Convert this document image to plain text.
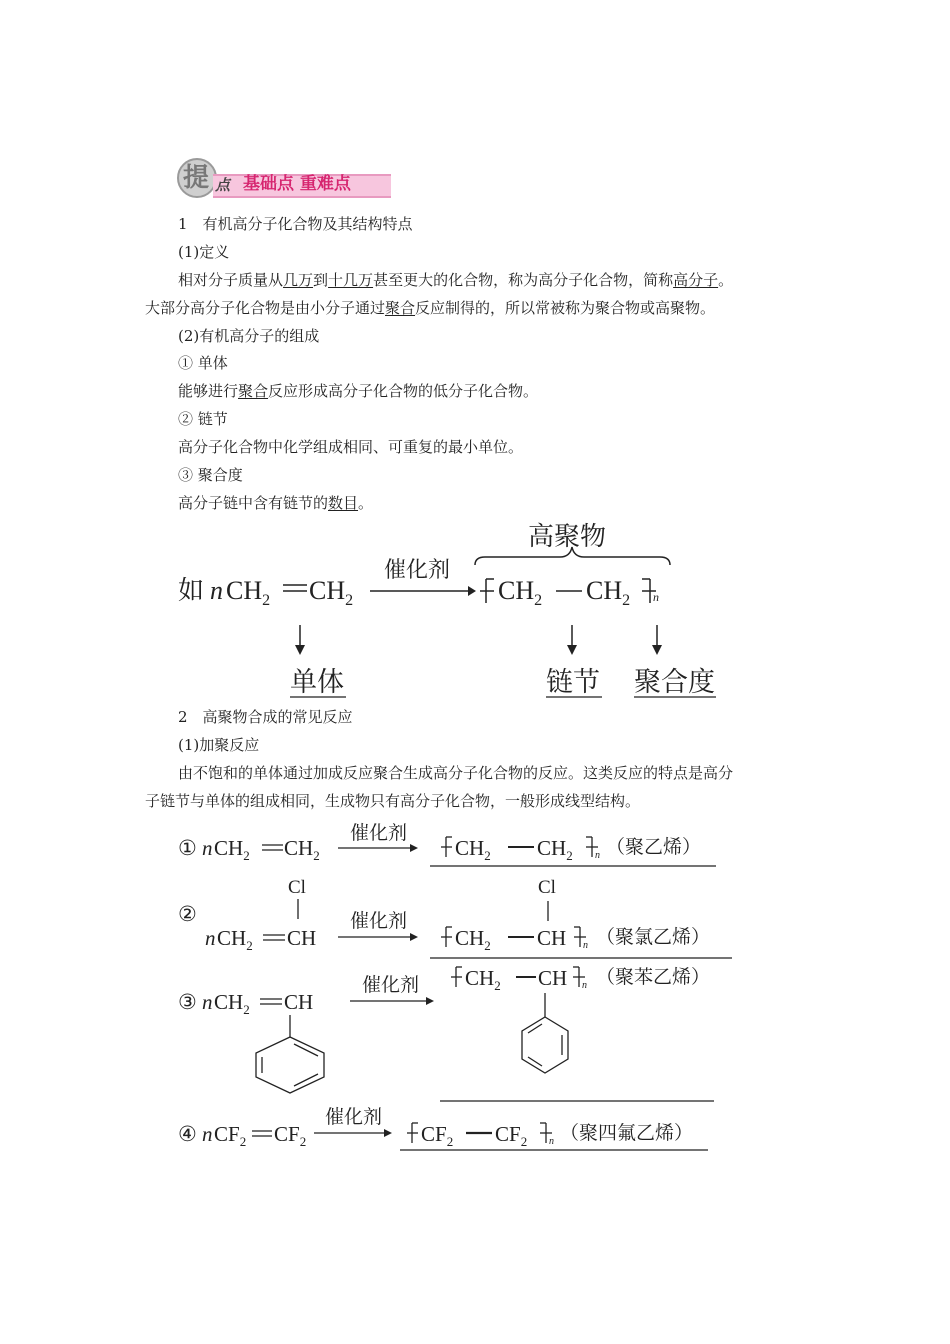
提 点 基础点 重难点
1　有机高分子化合物及其结构特点
(1)定义
相对分子质量从几万到十几万甚至更大的化合物，称为高分子化合物，简称高分子。
大部分高分子化合物是由小分子通过聚合反应制得的，所以常被称为聚合物或高聚物。
(2)有机高分子的组成
① 单体
能够进行聚合反应形成高分子化合物的低分子化合物。
② 链节
高分子化合物中化学组成相同、可重复的最小单位。
③ 聚合度
高分子链中含有链节的数目。
高聚物
如 n $CH_2$ $CH_2$
催化剂
$CH_2$ $CH_2$ n
单体	链节 聚合度
2　高聚物合成的常见反应
(1)加聚反应
由不饱和的单体通过加成反应聚合生成高分子化合物的反应。这类反应的特点是高分
子链节与单体的组成相同，生成物只有高分子化合物，一般形成线型结构。
① n $CH_2$ $CH_2$
催化剂
$CH_2$ $CH_2$ n （聚乙烯）
②
Cl
n $CH_2$ CH
催化剂
Cl
$CH_2$ CH n （聚氯乙烯）
③ n $CH_2$ CH
催化剂 $CH_2$ CH n （聚苯乙烯）
④ n $CF_2$ $CF_2$
催化剂
$CF_2$ $CF_2$ n （聚四氟乙烯）
